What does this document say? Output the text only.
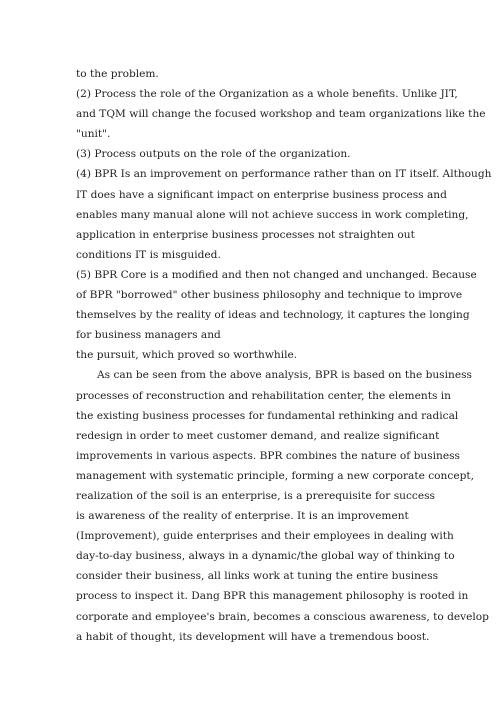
to the problem.
(2) Process the role of the Organization as a whole benefits. Unlike JIT,
and TQM will change the focused workshop and team organizations like the
"unit".
(3) Process outputs on the role of the organization.
(4) BPR Is an improvement on performance rather than on IT itself. Although
IT does have a significant impact on enterprise business process and
enables many manual alone will not achieve success in work completing,
application in enterprise business processes not straighten out
conditions IT is misguided.
(5) BPR Core is a modified and then not changed and unchanged. Because
of BPR "borrowed" other business philosophy and technique to improve
themselves by the reality of ideas and technology, it captures the longing
for business managers and
the pursuit, which proved so worthwhile.
As can be seen from the above analysis, BPR is based on the business
processes of reconstruction and rehabilitation center, the elements in
the existing business processes for fundamental rethinking and radical
redesign in order to meet customer demand, and realize significant
improvements in various aspects. BPR combines the nature of business
management with systematic principle, forming a new corporate concept,
realization of the soil is an enterprise, is a prerequisite for success
is awareness of the reality of enterprise. It is an improvement
(Improvement), guide enterprises and their employees in dealing with
day-to-day business, always in a dynamic/the global way of thinking to
consider their business, all links work at tuning the entire business
process to inspect it. Dang BPR this management philosophy is rooted in
corporate and employee's brain, becomes a conscious awareness, to develop
a habit of thought, its development will have a tremendous boost.
